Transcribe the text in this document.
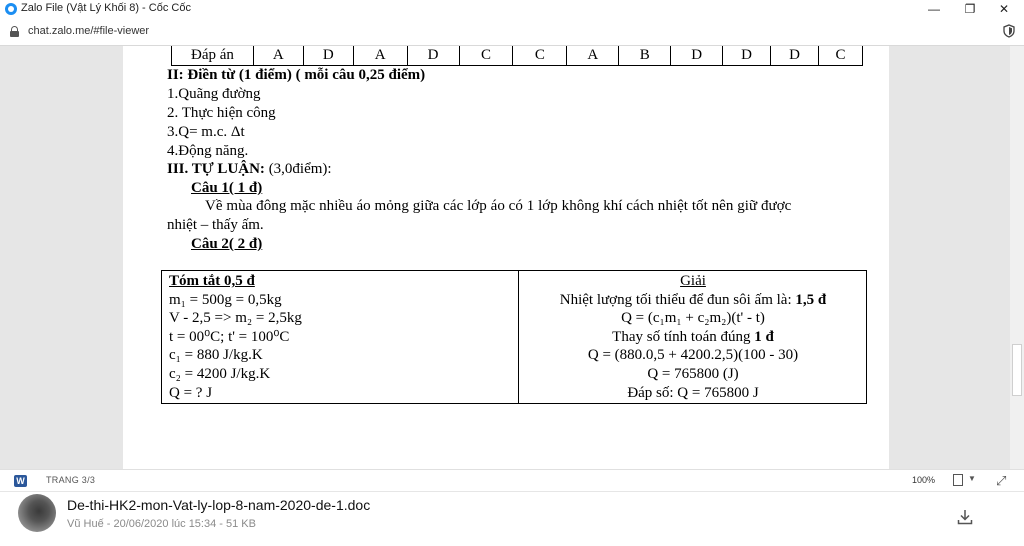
Zalo File (Vật Lý Khối 8) - Cốc Cốc	—	❐	✕
chat.zalo.me/#file-viewer
Đáp án	A	D	A	D	C	C	A	B	D	D	D	C
II: Điền từ (1 điểm) ( mỗi câu 0,25 điểm)
1.Quãng đường
2. Thực hiện công
3.Q= m.c. Δt
4.Động năng.
III. TỰ LUẬN: (3,0điểm):
Câu 1( 1 đ)
Về mùa đông mặc nhiều áo mỏng giữa các lớp áo có 1 lớp không khí cách nhiệt tốt nên giữ được
nhiệt – thấy ấm.
Câu 2( 2 đ)
Tóm tắt 0,5 đ
m₁ = 500g = 0,5kg
V - 2,5 => m₂ = 2,5kg
t = 00⁰C; t' = 100⁰C
c₁ = 880 J/kg.K
c₂ = 4200 J/kg.K
Q = ? J
Giải
Nhiệt lượng tối thiểu để đun sôi ấm là: 1,5 đ
Q = (c₁m₁ + c₂m₂)(t' - t)
Thay số tính toán đúng 1 đ
Q = (880.0,5 + 4200.2,5)(100 - 30)
Q = 765800 (J)
Đáp số: Q = 765800 J
W TRANG 3/3	100%	▼ ⤢
De-thi-HK2-mon-Vat-ly-lop-8-nam-2020-de-1.doc
Vũ Huế - 20/06/2020 lúc 15:34 - 51 KB
